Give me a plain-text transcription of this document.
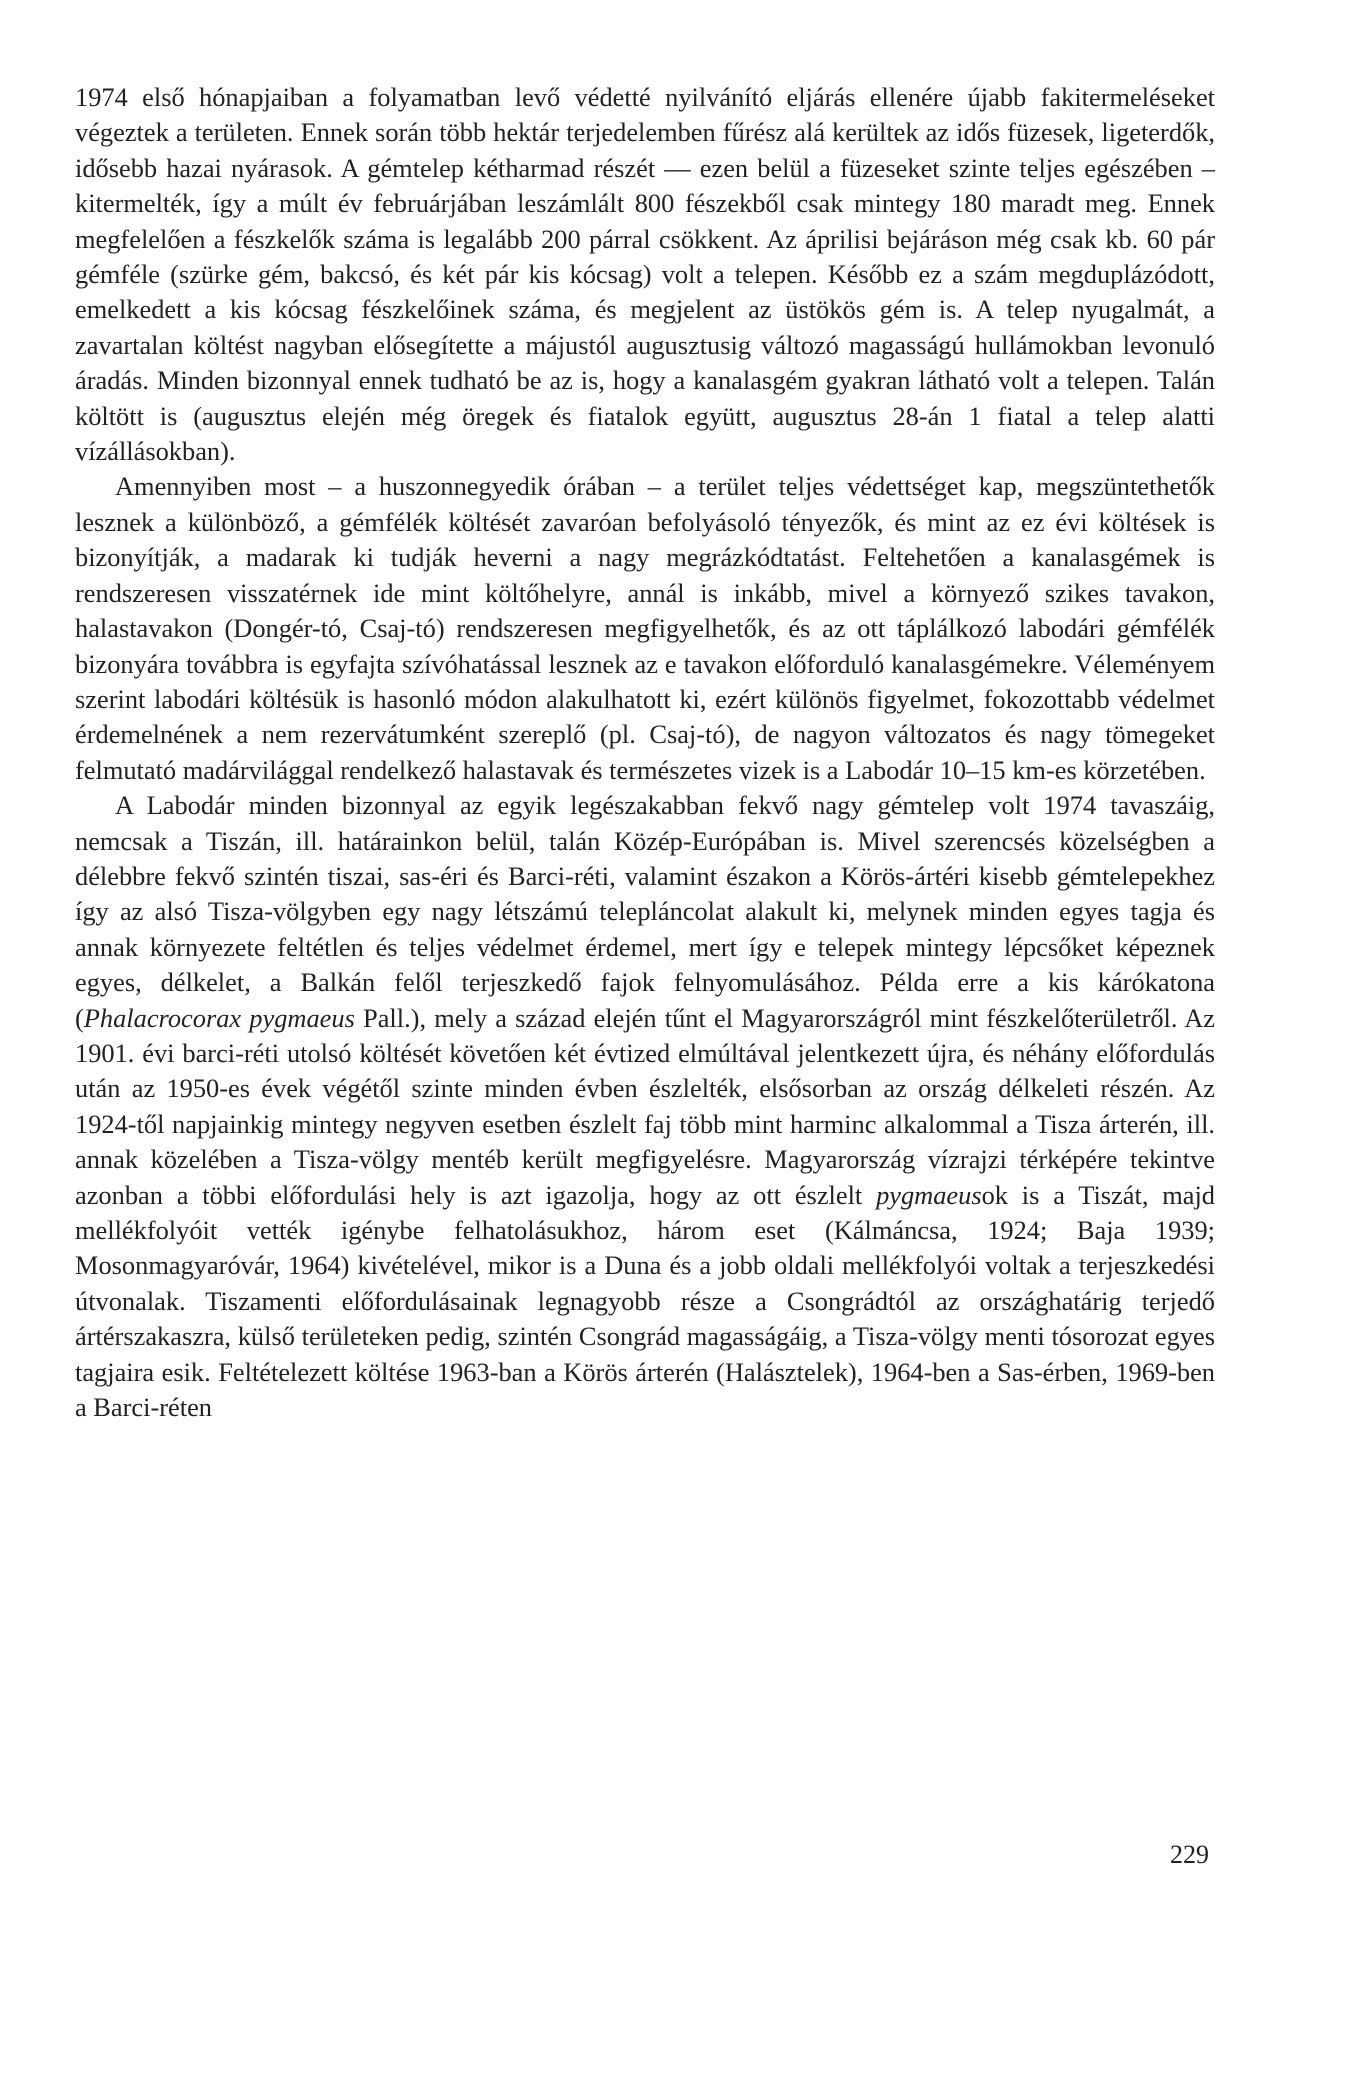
1974 első hónapjaiban a folyamatban levő védetté nyilvánító eljárás ellenére újabb fakitermeléseket végeztek a területen. Ennek során több hektár terjedelemben fűrész alá kerültek az idős füzesek, ligeterdők, idősebb hazai nyárasok. A gémtelep kétharmad részét — ezen belül a füzeseket szinte teljes egészében – kitermelték, így a múlt év februárjában leszámlált 800 fészekből csak mintegy 180 maradt meg. Ennek megfelelően a fészkelők száma is legalább 200 párral csökkent. Az áprilisi bejáráson még csak kb. 60 pár gémféle (szürke gém, bakcsó, és két pár kis kócsag) volt a telepen. Később ez a szám megduplázódott, emelkedett a kis kócsag fészkelőinek száma, és megjelent az üstökös gém is. A telep nyugalmát, a zavartalan költést nagyban elősegítette a májustól augusztusig változó magasságú hullámokban levonuló áradás. Minden bizonnyal ennek tudható be az is, hogy a kanalasgém gyakran látható volt a telepen. Talán költött is (augusztus elején még öregek és fiatalok együtt, augusztus 28-án 1 fiatal a telep alatti vízállásokban).

Amennyiben most – a huszonnegyedik órában – a terület teljes védettséget kap, megszüntethetők lesznek a különböző, a gémfélék költését zavaróan befolyásoló tényezők, és mint az ez évi költések is bizonyítják, a madarak ki tudják heverni a nagy megrázkódtatást. Feltehetően a kanalasgémek is rendszeresen visszatérnek ide mint költőhelyre, annál is inkább, mivel a környező szikes tavakon, halastavakon (Dongér-tó, Csaj-tó) rendszeresen megfigyelhetők, és az ott táplálkozó labodári gémfélék bizonyára továbbra is egyfajta szívóhatással lesznek az e tavakon előforduló kanalasgémekre. Véleményem szerint labodári költésük is hasonló módon alakulhatott ki, ezért különös figyelmet, fokozottabb védelmet érdemelnének a nem rezervátumként szereplő (pl. Csaj-tó), de nagyon változatos és nagy tömegeket felmutató madárvilággal rendelkező halastavak és természetes vizek is a Labodár 10–15 km-es körzetében.

A Labodár minden bizonnyal az egyik legészakabban fekvő nagy gémtelep volt 1974 tavaszáig, nemcsak a Tiszán, ill. határainkon belül, talán Közép-Európában is. Mivel szerencsés közelségben a délebbre fekvő szintén tiszai, sas-éri és Barci-réti, valamint északon a Körös-ártéri kisebb gémtelepekhez így az alsó Tisza-völgyben egy nagy létszámú telepláncolat alakult ki, melynek minden egyes tagja és annak környezete feltétlen és teljes védelmet érdemel, mert így e telepek mintegy lépcsőket képeznek egyes, délkelet, a Balkán felől terjeszkedő fajok felnyomulásához. Példa erre a kis kárókatona (Phalacrocorax pygmaeus Pall.), mely a század elején tűnt el Magyarországról mint fészkelőterületről. Az 1901. évi barci-réti utolsó költését követően két évtized elmúltával jelentkezett újra, és néhány előfordulás után az 1950-es évek végétől szinte minden évben észlelték, elsősorban az ország délkeleti részén. Az 1924-től napjainkig mintegy negyven esetben észlelt faj több mint harminc alkalommal a Tisza árterén, ill. annak közelében a Tisza-völgy mentéb került megfigyelésre. Magyarország vízrajzi térképére tekintve azonban a többi előfordulási hely is azt igazolja, hogy az ott észlelt pygmaeusok is a Tiszát, majd mellékfolyóit vették igénybe felhatolásukhoz, három eset (Kálmáncsa, 1924; Baja 1939; Mosonmagyaróvár, 1964) kivételével, mikor is a Duna és a jobb oldali mellékfolyói voltak a terjeszkedési útvonalak. Tiszamenti előfordulásainak legnagyobb része a Csongrádtól az országhatárig terjedő ártérszakaszra, külső területeken pedig, szintén Csongrád magasságáig, a Tisza-völgy menti tósorozat egyes tagjaira esik. Feltételezett költése 1963-ban a Körös árterén (Halásztelek), 1964-ben a Sas-érben, 1969-ben a Barci-réten

229
